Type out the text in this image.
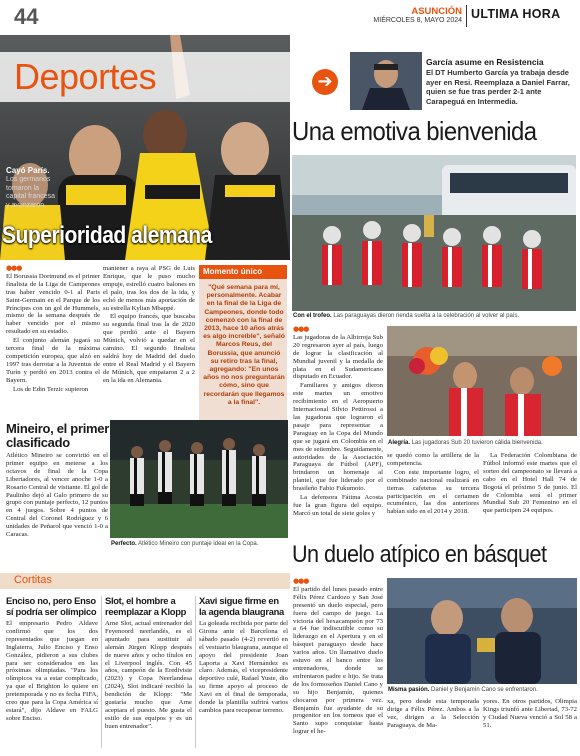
44	ASUNCIÓN
MIÉRCOLES 8, MAYO 2024 ULTIMA HORA
Deportes	➔
Cayó París.
Los germanos tomaron la capital francesa y avanzaron.
Superioridad alemana
García asume en Resistencia
El DT Humberto García ya trabaja desde ayer en Resi. Reemplaza a Daniel Farrar, quien se fue tras perder 2-1 ante Carapeguá en Intermedia.
Una emotiva bienvenida
Con el trofeo. Las paraguayas dieron rienda suelta a la celebración al volver al país.
●●●

El Borussia Dortmund es el primer finalista de la Liga de Campeones tras haber vencido 0-1 al Paris Saint-Germain en el Parque de los Príncipes con un gol de Hummels, mismo de la semana después de haber vencido por el mismo resultado en su estadio.

El conjunto alemán jugará su tercera final de la máxima competición europea, que alzó en 1997 tras derrotar a la Juventus de Turín y perdió en 2013 contra el Bayern.

Los de Edin Terzic supieron

mantener a raya al PSG de Luis Enrique, que le puso mucho empuje, estrelló cuatro balones en el palo, tras los dos de la ida, y echó de menos más aportación de su estrella Kylian Mbappé.

El equipo francés, que buscaba su segunda final tras la de 2020 que perdió ante el Bayern Múnich, volvió a quedar en el camino. El segundo finalista saldrá hoy de Madrid del duelo entre el Real Madrid y el Bayern de Múnich, que empataron 2 a 2 en la ida en Alemania.

Momento único
"Qué semana para mí, personalmente. Acabar en la final de la Liga de Campeones, donde todo comenzó con la final de 2013, hace 10 años atrás es algo increíble", señaló Marcos Reus, del Borussia, que anunció su retiro tras la final, agregando: "En unos años no nos preguntarán cómo, sino que recordarán que llegamos a la final".
●●●

Las jugadoras de la Albirroja Sub 20 regresaron ayer al país, luego de lograr la clasificación al Mundial juvenil y la medalla de plata en el Sudamericano disputado en Ecuador.

Familiares y amigos dieron este martes un emotivo recibimiento en el Aeropuerto Internacional Silvio Pettirossi a las jugadoras que lograron el pasaje para representar a Paraguay en la Copa del Mundo que se jugará en Colombia en el mes de setiembre. Seguidamente, autoridades de la Asociación Paraguaya de Fútbol (APF), brindaron un homenaje al plantel, que fue liderado por el brasileño Fabio Fukumoto.

La defensora Fátima Acosta fue la gran figura del equipo. Marcó un total de siete goles y

Alegría. Las jugadoras Sub 20 tuvieron cálida bienvenida.

se quedó como la artillera de la competencia.

Con este importante logro, el combinado nacional realizará en tierras cafeteras su tercera participación en el certamen ecuménico, las dos anteriores habían sido en el 2014 y 2018.

La Federación Colombiana de Fútbol informó este martes que el sorteo del campeonato se llevará a cabo en el Hotel Hall 74 de Bogotá el próximo 5 de junio. El de Colombia será el primer Mundial Sub 20 Femenino en el que participen 24 equipos.

Mineiro, el primer clasificado

Atlético Mineiro se convirtió en el primer equipo en meterse a los octavos de final de la Copa Libertadores, al vencer anoche 1-0 a Rosario Central de visitante. El gol de Paulinho dejó al Galo primero de su grupo con puntaje perfecto, 12 puntos en 4 juegos. Sobre 4 puntos de Central del Coronel Rodríguez y 6 unidades de Peñarol que venció 1-0 a Caracas.

Perfecto. Atlético Mineiro con puntaje ideal en la Copa.
Cortitas
Enciso no, pero Enso sí podría ser olímpico

El empresario Pedro Aldave confirmó que los dos representados que juegan en Inglaterra, Julio Enciso y Enso González, pidieron a sus clubes para ser considerados en las próximas olimpiadas. "Para los olímpicos va a estar complicado, ya que el Brighton lo quiere en pretemporada y no es fecha FIFA, creo que para la Copa América sí estará", dijo Aldave en FALG sobre Enciso.

Slot, el hombre a reemplazar a Klopp

Arne Slot, actual entrenador del Feyenoord neerlandés, es el apuntado para sustituir al alemán Jürgen Klopp después de nueve años y ocho títulos en el Liverpool inglés. Con 45 años, campeón de la Eredivisie (2023) y Copa Neerlandesa (2024), Slot indicaré recibió la bendición de Klopp: "Me gustaría mucho que Arne aceptara el puesto. Me gusta el estilo de sus equipos y es un buen entrenador".

Xavi sigue firme en la agenda blaugrana

La goleada recibida por parte del Girona ante el Barcelona el sábado pasado (4-2) revertió en el vestuario blaugrana, aunque el apoyo del presidente Joan Laporta a Xavi Hernández es claro. Además, el vicepresidente deportivo culé, Rafael Yuste, dio su firme apoyo al proceso de Xavi en el final de temporada, donde la plantilla sufrirá varios cambios para recuperar terreno.

Un duelo atípico en básquet
●●●

El partido del lunes pasado entre Félix Pérez Cardozo y San José presentó un duelo especial, pero fuera del campo de juego. La victoria del hexacampeón por 73 a 64 fue indiscutible como su liderazgo en el Apertura y en el básquet paraguayo desde hace varios años. Un llamativo duelo estuvo en el banco entre los entrenadores, donde se enfrentaron padre e hijo. Se trata de los formoseños Daniel Cano y su hijo Benjamín, quienes chocaron por primera vez. Benjamín fue ayudante de su progenitor en los torneos que el Santo supo conquistar hasta lograr el he-

Misma pasión. Daniel y Benjamín Cano se enfrentaron.

xa, pero desde esta temporada dirige a Félix Pérez. Ambos a la vez, dirigen a la Selección Paraguaya. de Ma-

yores. En otros partidos, Olimpia Kings triunfó ante Libertad, 73-72 y Ciudad Nueva venció a Sol 58 a 51.
